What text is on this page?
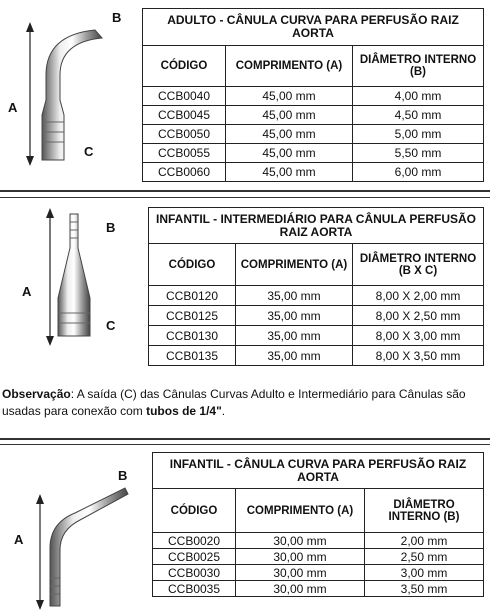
B
A
C
ADULTO - CÂNULA CURVA PARA PERFUSÃO RAIZ AORTA		
CÓDIGO	COMPRIMENTO (A)	DIÂMETRO INTERNO (B)
CCB0040	45,00 mm	4,00 mm
CCB0045	45,00 mm	4,50 mm
CCB0050	45,00 mm	5,00 mm
CCB0055	45,00 mm	5,50 mm
CCB0060	45,00 mm	6,00 mm
B
A
C
INFANTIL - INTERMEDIÁRIO PARA CÂNULA PERFUSÃO RAIZ AORTA		
CÓDIGO	COMPRIMENTO (A)	DIÂMETRO INTERNO (B X C)
CCB0120	35,00 mm	8,00 X 2,00 mm
CCB0125	35,00 mm	8,00 X 2,50 mm
CCB0130	35,00 mm	8,00 X 3,00 mm
CCB0135	35,00 mm	8,00 X 3,50 mm
Observação: A saída (C) das Cânulas Curvas Adulto e Intermediário para Cânulas são usadas para conexão com tubos de 1/4".
B
A
INFANTIL - CÂNULA CURVA PARA PERFUSÃO RAIZ AORTA		
CÓDIGO	COMPRIMENTO (A)	DIÂMETRO INTERNO (B)
CCB0020	30,00 mm	2,00 mm
CCB0025	30,00 mm	2,50 mm
CCB0030	30,00 mm	3,00 mm
CCB0035	30,00 mm	3,50 mm
